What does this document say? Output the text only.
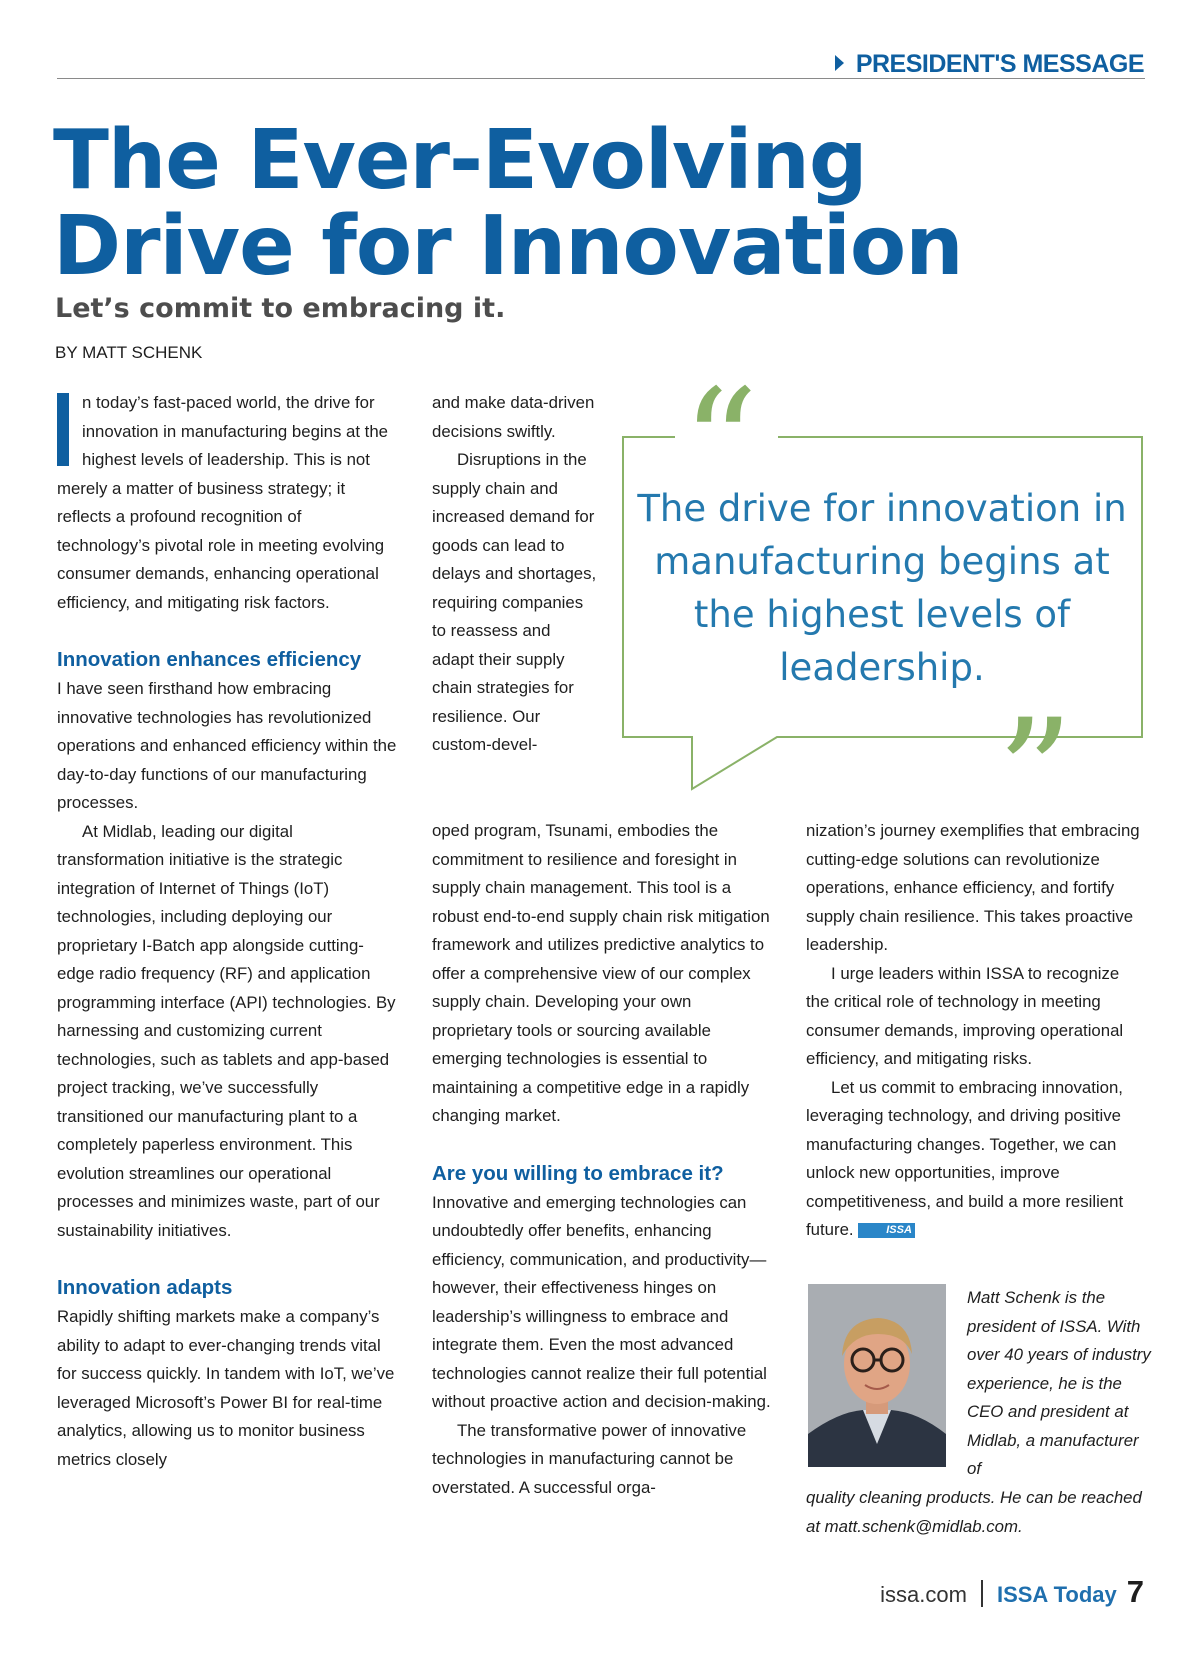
PRESIDENT'S MESSAGE
The Ever-Evolving
Drive for Innovation
Let’s commit to embracing it.
BY MATT SCHENK

n today’s fast-paced world, the drive for innovation in manufacturing begins at the highest levels of leadership. This is not merely a matter of business strategy; it reflects a profound recognition of technology’s pivotal role in meeting evolving consumer demands, enhancing operational efficiency, and mitigating risk factors.

Innovation enhances efficiency

I have seen firsthand how embracing innovative technologies has revolutionized operations and enhanced efficiency within the day-to-day functions of our manufacturing processes.

At Midlab, leading our digital transformation initiative is the strategic integration of Internet of Things (IoT) technologies, including deploying our proprietary I-Batch app alongside cutting-edge radio frequency (RF) and application programming interface (API) technologies. By harnessing and customizing current technologies, such as tablets and app-based project tracking, we’ve successfully transitioned our manufacturing plant to a completely paperless environment. This evolution streamlines our operational processes and minimizes waste, part of our sustainability initiatives.

Innovation adapts

Rapidly shifting markets make a company’s ability to adapt to ever-changing trends vital for success quickly. In tandem with IoT, we’ve leveraged Microsoft’s Power BI for real-time analytics, allowing us to monitor business metrics closely

and make data-driven decisions swiftly.

Disruptions in the supply chain and increased demand for goods can lead to delays and shortages, requiring companies to reassess and adapt their supply chain strategies for resilience. Our custom-devel-

oped program, Tsunami, embodies the commitment to resilience and foresight in supply chain management. This tool is a robust end-to-end supply chain risk mitigation framework and utilizes predictive analytics to offer a comprehensive view of our complex supply chain. Developing your own proprietary tools or sourcing available emerging technologies is essential to maintaining a competitive edge in a rapidly changing market.

Are you willing to embrace it?

Innovative and emerging technologies can undoubtedly offer benefits, enhancing efficiency, communication, and productivity—however, their effectiveness hinges on leadership’s willingness to embrace and integrate them. Even the most advanced technologies cannot realize their full potential without proactive action and decision-making.

The transformative power of innovative technologies in manufacturing cannot be overstated. A successful orga-

nization’s journey exemplifies that embracing cutting-edge solutions can revolutionize operations, enhance efficiency, and fortify supply chain resilience. This takes proactive leadership.

I urge leaders within ISSA to recognize the critical role of technology in meeting consumer demands, improving operational efficiency, and mitigating risks.

Let us commit to embracing innovation, leveraging technology, and driving positive manufacturing changes. Together, we can unlock new opportunities, improve competitiveness, and build a more resilient future.	ISSA

“
”
The drive for innovation in manufacturing begins at the highest levels of leadership.
Matt Schenk is the president of ISSA. With over 40 years of industry experience, he is the CEO and president at Midlab, a manufacturer of
quality cleaning products. He can be reached at matt.schenk@midlab.com.
issa.com ISSA Today 7
